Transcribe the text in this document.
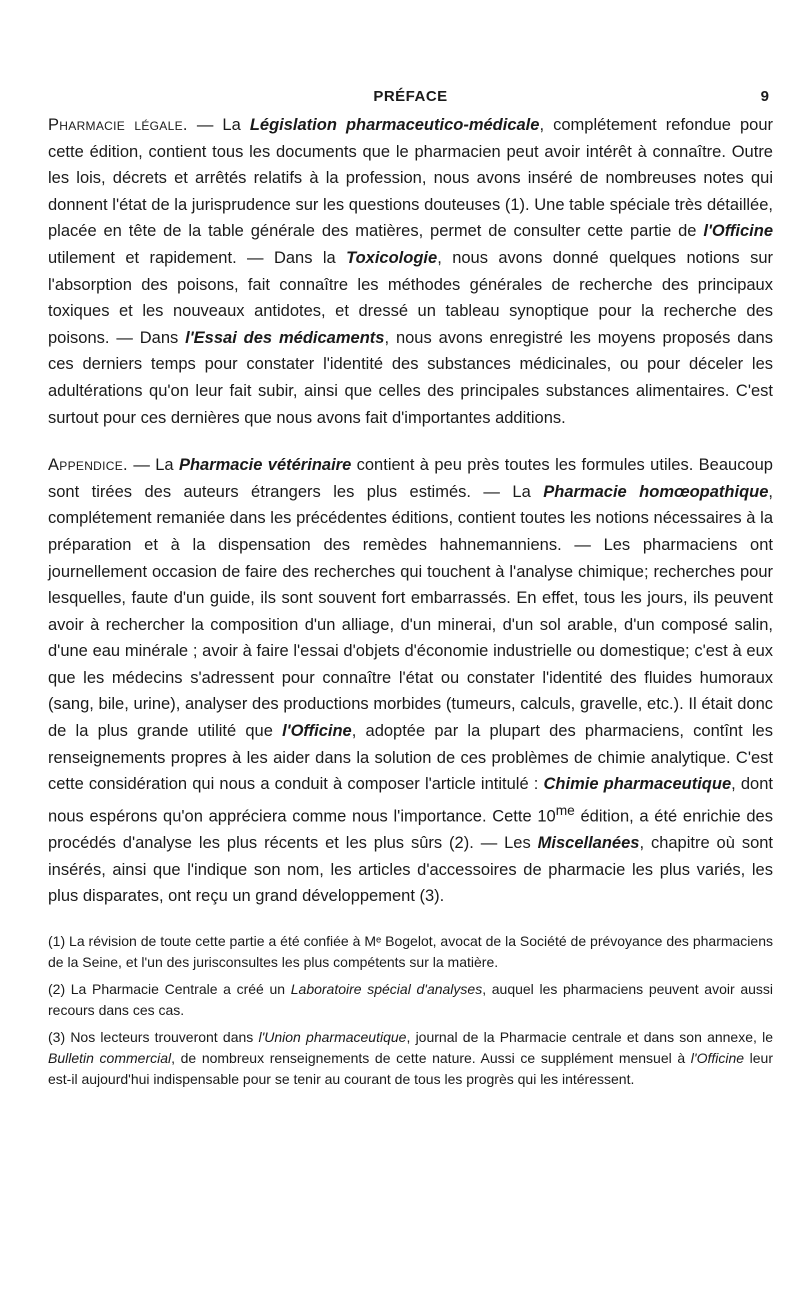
PRÉFACE	9

Pharmacie légale. — La Législation pharmaceutico-médicale, complétement refondue pour cette édition, contient tous les documents que le pharmacien peut avoir intérêt à connaître. Outre les lois, décrets et arrêtés relatifs à la profession, nous avons inséré de nombreuses notes qui donnent l'état de la jurisprudence sur les questions douteuses (1). Une table spéciale très détaillée, placée en tête de la table générale des matières, permet de consulter cette partie de l'Officine utilement et rapidement. — Dans la Toxicologie, nous avons donné quelques notions sur l'absorption des poisons, fait connaître les méthodes générales de recherche des principaux toxiques et les nouveaux antidotes, et dressé un tableau synoptique pour la recherche des poisons. — Dans l'Essai des médicaments, nous avons enregistré les moyens proposés dans ces derniers temps pour constater l'identité des substances médicinales, ou pour déceler les adultérations qu'on leur fait subir, ainsi que celles des principales substances alimentaires. C'est surtout pour ces dernières que nous avons fait d'importantes additions.

Appendice. — La Pharmacie vétérinaire contient à peu près toutes les formules utiles. Beaucoup sont tirées des auteurs étrangers les plus estimés. — La Pharmacie homœopathique, complétement remaniée dans les précédentes éditions, contient toutes les notions nécessaires à la préparation et à la dispensation des remèdes hahnemanniens. — Les pharmaciens ont journellement occasion de faire des recherches qui touchent à l'analyse chimique; recherches pour lesquelles, faute d'un guide, ils sont souvent fort embarrassés. En effet, tous les jours, ils peuvent avoir à rechercher la composition d'un alliage, d'un minerai, d'un sol arable, d'un composé salin, d'une eau minérale ; avoir à faire l'essai d'objets d'économie industrielle ou domestique; c'est à eux que les médecins s'adressent pour connaître l'état ou constater l'identité des fluides humoraux (sang, bile, urine), analyser des productions morbides (tumeurs, calculs, gravelle, etc.). Il était donc de la plus grande utilité que l'Officine, adoptée par la plupart des pharmaciens, contînt les renseignements propres à les aider dans la solution de ces problèmes de chimie analytique. C'est cette considération qui nous a conduit à composer l'article intitulé : Chimie pharmaceutique, dont nous espérons qu'on appréciera comme nous l'importance. Cette $10^{me}$ édition, a été enrichie des procédés d'analyse les plus récents et les plus sûrs (2). — Les Miscellanées, chapitre où sont insérés, ainsi que l'indique son nom, les articles d'accessoires de pharmacie les plus variés, les plus disparates, ont reçu un grand développement (3).

(1) La révision de toute cette partie a été confiée à Mᵉ Bogelot, avocat de la Société de prévoyance des pharmaciens de la Seine, et l'un des jurisconsultes les plus compétents sur la matière.

(2) La Pharmacie Centrale a créé un Laboratoire spécial d'analyses, auquel les pharmaciens peuvent avoir aussi recours dans ces cas.

(3) Nos lecteurs trouveront dans l'Union pharmaceutique, journal de la Pharmacie centrale et dans son annexe, le Bulletin commercial, de nombreux renseignements de cette nature. Aussi ce supplément mensuel à l'Officine leur est-il aujourd'hui indispensable pour se tenir au courant de tous les progrès qui les intéressent.
